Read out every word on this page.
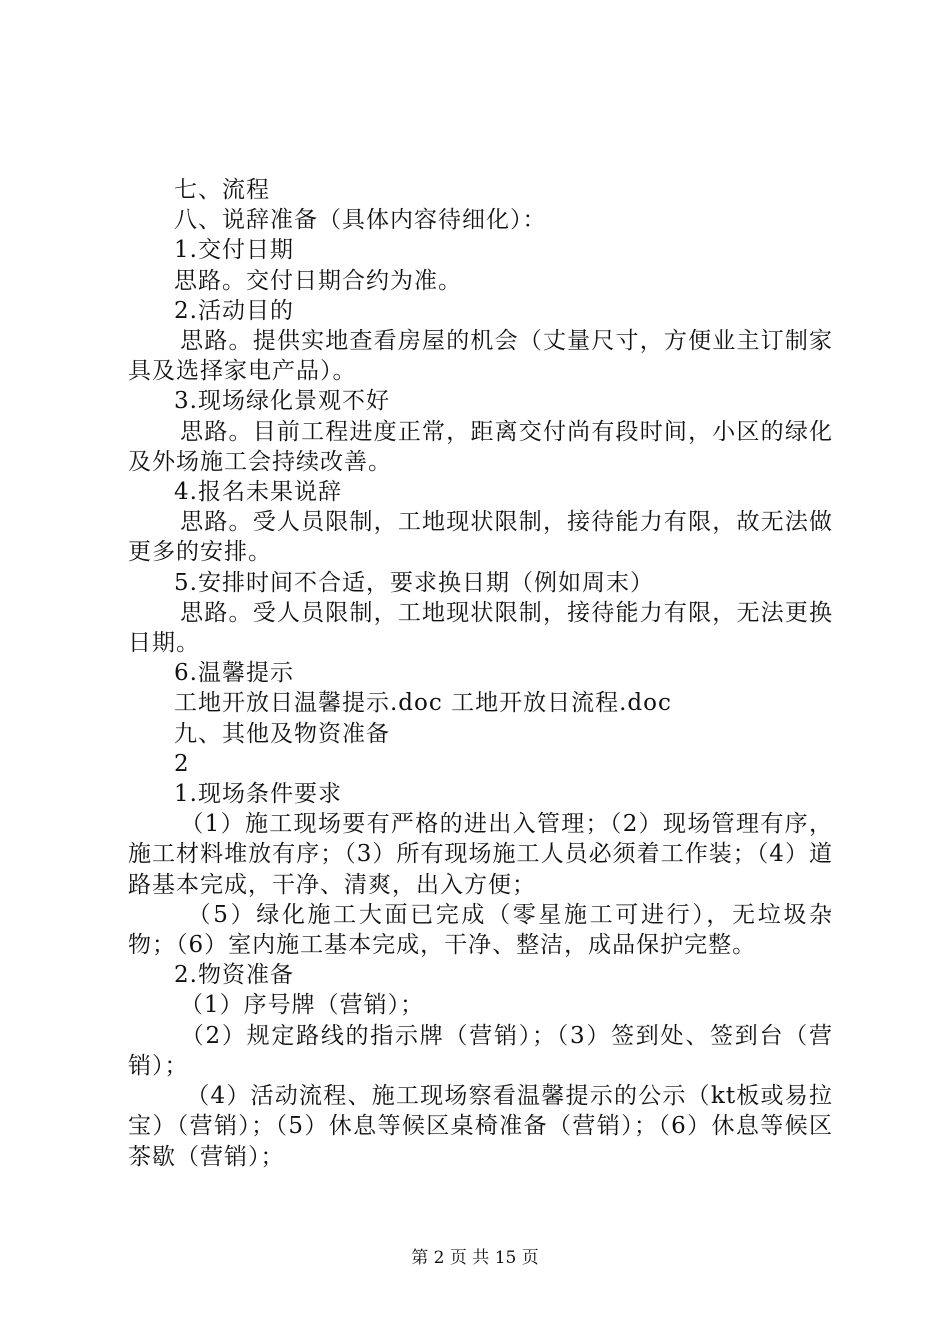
七、流程

八、说辞准备（具体内容待细化）：

1.交付日期

思路。交付日期合约为准。

2.活动目的

思路。提供实地查看房屋的机会（丈量尺寸，方便业主订制家具及选择家电产品）。

3.现场绿化景观不好

思路。目前工程进度正常，距离交付尚有段时间，小区的绿化及外场施工会持续改善。

4.报名未果说辞

思路。受人员限制，工地现状限制，接待能力有限，故无法做更多的安排。

5.安排时间不合适，要求换日期（例如周末）

思路。受人员限制，工地现状限制，接待能力有限，无法更换日期。

6.温馨提示

工地开放日温馨提示.doc 工地开放日流程.doc

九、其他及物资准备

2

1.现场条件要求

（1）施工现场要有严格的进出入管理；（2）现场管理有序，施工材料堆放有序；（3）所有现场施工人员必须着工作装；（4）道路基本完成，干净、清爽，出入方便；

（5）绿化施工大面已完成（零星施工可进行），无垃圾杂物；（6）室内施工基本完成，干净、整洁，成品保护完整。

2.物资准备

（1）序号牌（营销）；

（2）规定路线的指示牌（营销）；（3）签到处、签到台（营销）；

（4）活动流程、施工现场察看温馨提示的公示（kt板或易拉宝）（营销）；（5）休息等候区桌椅准备（营销）；（6）休息等候区茶歇（营销）；

第 2 页 共 15 页
